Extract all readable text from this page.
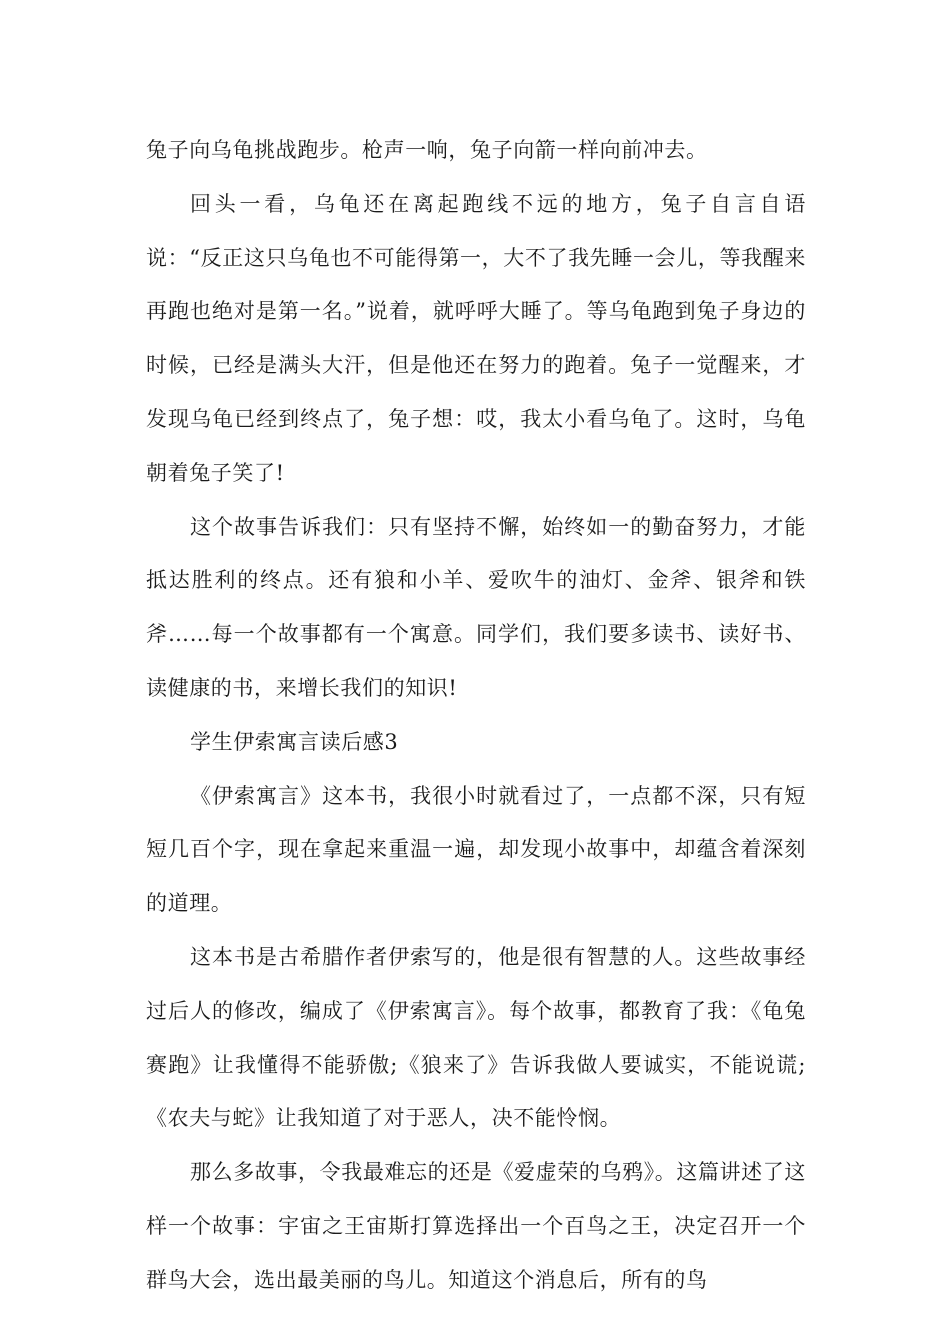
兔子向乌龟挑战跑步。枪声一响，兔子向箭一样向前冲去。

回头一看，乌龟还在离起跑线不远的地方，兔子自言自语说：“反正这只乌龟也不可能得第一，大不了我先睡一会儿，等我醒来再跑也绝对是第一名。”说着，就呼呼大睡了。等乌龟跑到兔子身边的时候，已经是满头大汗，但是他还在努力的跑着。兔子一觉醒来，才发现乌龟已经到终点了，兔子想：哎，我太小看乌龟了。这时，乌龟朝着兔子笑了!

这个故事告诉我们：只有坚持不懈，始终如一的勤奋努力，才能抵达胜利的终点。还有狼和小羊、爱吹牛的油灯、金斧、银斧和铁斧……每一个故事都有一个寓意。同学们，我们要多读书、读好书、读健康的书，来增长我们的知识!

学生伊索寓言读后感3

《伊索寓言》这本书，我很小时就看过了，一点都不深，只有短短几百个字，现在拿起来重温一遍，却发现小故事中，却蕴含着深刻的道理。

这本书是古希腊作者伊索写的，他是很有智慧的人。这些故事经过后人的修改，编成了《伊索寓言》。每个故事，都教育了我：《龟兔赛跑》让我懂得不能骄傲;《狼来了》告诉我做人要诚实，不能说谎;《农夫与蛇》让我知道了对于恶人，决不能怜悯。

那么多故事，令我最难忘的还是《爱虚荣的乌鸦》。这篇讲述了这样一个故事：宇宙之王宙斯打算选择出一个百鸟之王，决定召开一个群鸟大会，选出最美丽的鸟儿。知道这个消息后，所有的鸟
